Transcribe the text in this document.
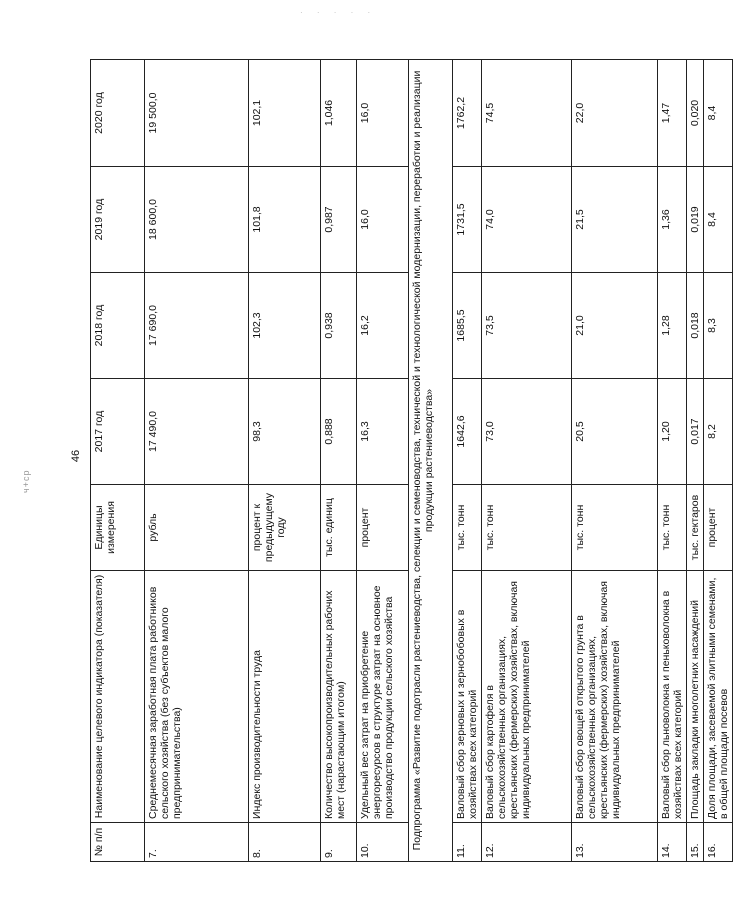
· · · · ·
ч+ср
46
№ п/п	Наименование целевого индикатора (показателя)	Единицы измерения	2017 год	2018 год	2019 год	2020 год
7.	Среднемесячная заработная плата работников сельского хозяйства (без субъектов малого предпринимательства)	рубль	17 490,0	17 690,0	18 600,0	19 500,0
8.	Индекс производительности труда	процент к предыдущему году	98,3	102,3	101,8	102,1
9.	Количество высокопроизводительных рабочих мест (нарастающим итогом)	тыс. единиц	0,888	0,938	0,987	1,046
10.	Удельный вес затрат на приобретение энергоресурсов в структуре затрат на основное производство продукции сельского хозяйства	процент	16,3	16,2	16,0	16,0
Подпрограмма «Развитие подотрасли растениеводства, селекции и семеноводства, технической и технологической модернизации, переработки и реализации продукции растениеводства»						
11.	Валовый сбор зерновых и зернобобовых в хозяйствах всех категорий	тыс. тонн	1642,6	1685,5	1731,5	1762,2
12.	Валовый сбор картофеля в сельскохозяйственных организациях, крестьянских (фермерских) хозяйствах, включая индивидуальных предпринимателей	тыс. тонн	73,0	73,5	74,0	74,5
13.	Валовый сбор овощей открытого грунта в сельскохозяйственных организациях, крестьянских (фермерских) хозяйствах, включая индивидуальных предпринимателей	тыс. тонн	20,5	21,0	21,5	22,0
14.	Валовый сбор льноволокна и пеньковолокна в хозяйствах всех категорий	тыс. тонн	1,20	1,28	1,36	1,47
15.	Площадь закладки многолетних насаждений	тыс. гектаров	0,017	0,018	0,019	0,020
16.	Доля площади, засеваемой элитными семенами, в общей площади посевов	процент	8,2	8,3	8,4	8,4
